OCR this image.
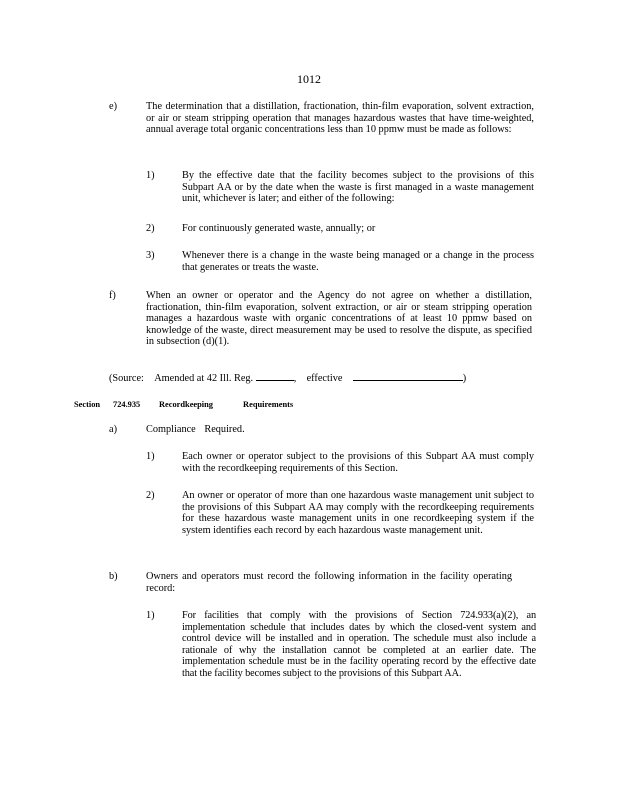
1012
e)	The determination that a distillation, fractionation, thin-film evaporation, solvent extraction, or air or steam stripping operation that manages hazardous wastes that have time-weighted, annual average total organic concentrations less than 10 ppmw must be made as follows:
1)	By the effective date that the facility becomes subject to the provisions of this Subpart AA or by the date when the waste is first managed in a waste management unit, whichever is later; and either of the following:
2)	For continuously generated waste, annually; or
3)	Whenever there is a change in the waste being managed or a change in the process that generates or treats the waste.
f)	When an owner or operator and the Agency do not agree on whether a distillation, fractionation, thin-film evaporation, solvent extraction, or air or steam stripping operation manages a hazardous waste with organic concentrations of at least 10 ppmw based on knowledge of the waste, direct measurement may be used to resolve the dispute, as specified in subsection (d)(1).
(Source: Amended at 42 Ill. Reg.	, effective	)
Section 724.935 Recordkeeping Requirements
a)	Compliance Required.
1)	Each owner or operator subject to the provisions of this Subpart AA must comply with the recordkeeping requirements of this Section.
2)	An owner or operator of more than one hazardous waste management unit subject to the provisions of this Subpart AA may comply with the recordkeeping requirements for these hazardous waste management units in one recordkeeping system if the system identifies each record by each hazardous waste management unit.
b)	Owners and operators must record the following information in the facility operating record:
1)	For facilities that comply with the provisions of Section 724.933(a)(2), an implementation schedule that includes dates by which the closed-vent system and control device will be installed and in operation. The schedule must also include a rationale of why the installation cannot be completed at an earlier date. The implementation schedule must be in the facility operating record by the effective date that the facility becomes subject to the provisions of this Subpart AA.
